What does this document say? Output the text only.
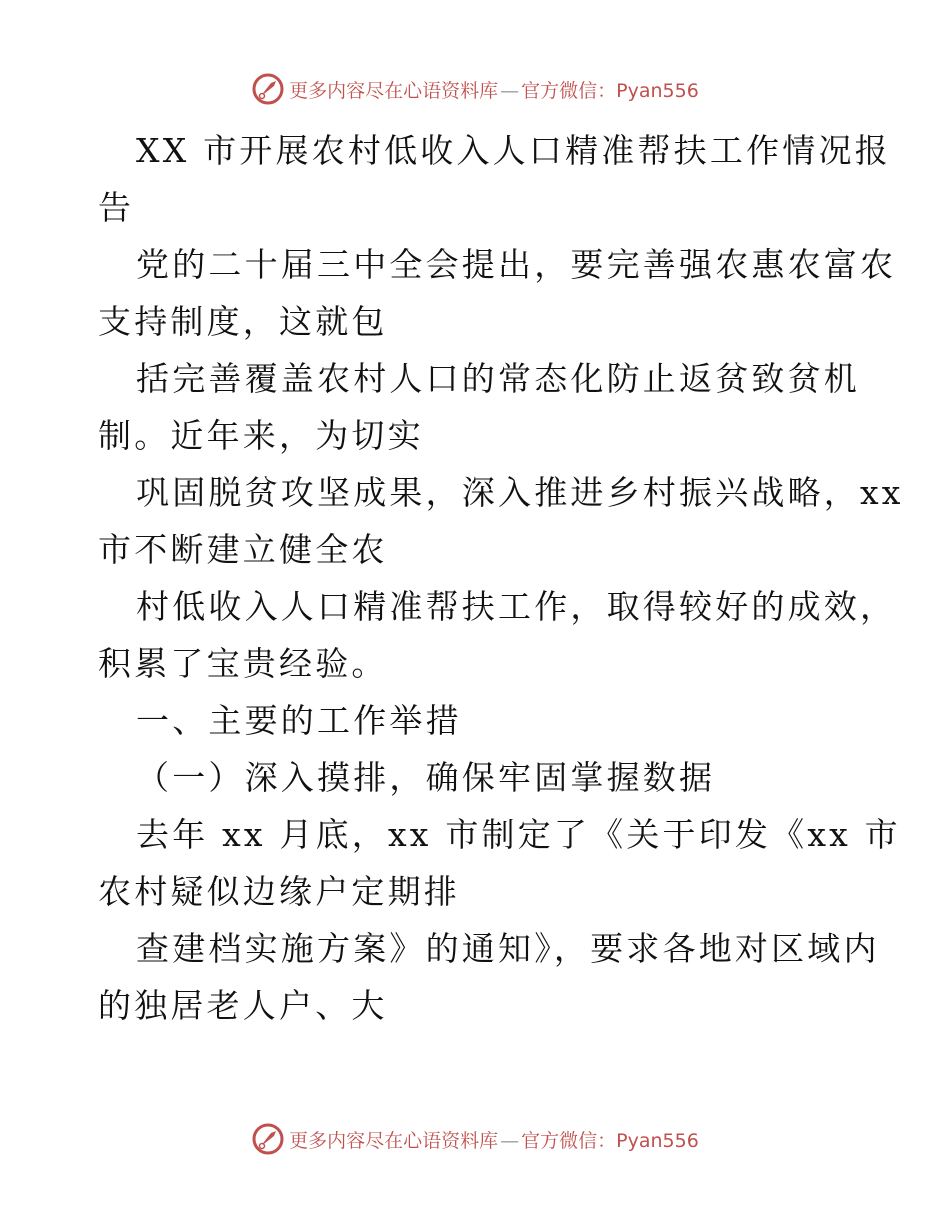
更多内容尽在心语资料库 — 官方微信：Pyan556
XX 市开展农村低收入人口精准帮扶工作情况报
告
党的二十届三中全会提出，要完善强农惠农富农
支持制度，这就包
括完善覆盖农村人口的常态化防止返贫致贫机
制。近年来，为切实
巩固脱贫攻坚成果，深入推进乡村振兴战略，xx
市不断建立健全农
村低收入人口精准帮扶工作，取得较好的成效，
积累了宝贵经验。
一、主要的工作举措
（一）深入摸排，确保牢固掌握数据
去年 xx 月底，xx 市制定了《关于印发《xx 市
农村疑似边缘户定期排
查建档实施方案》的通知》，要求各地对区域内
的独居老人户、大
更多内容尽在心语资料库 — 官方微信：Pyan556
